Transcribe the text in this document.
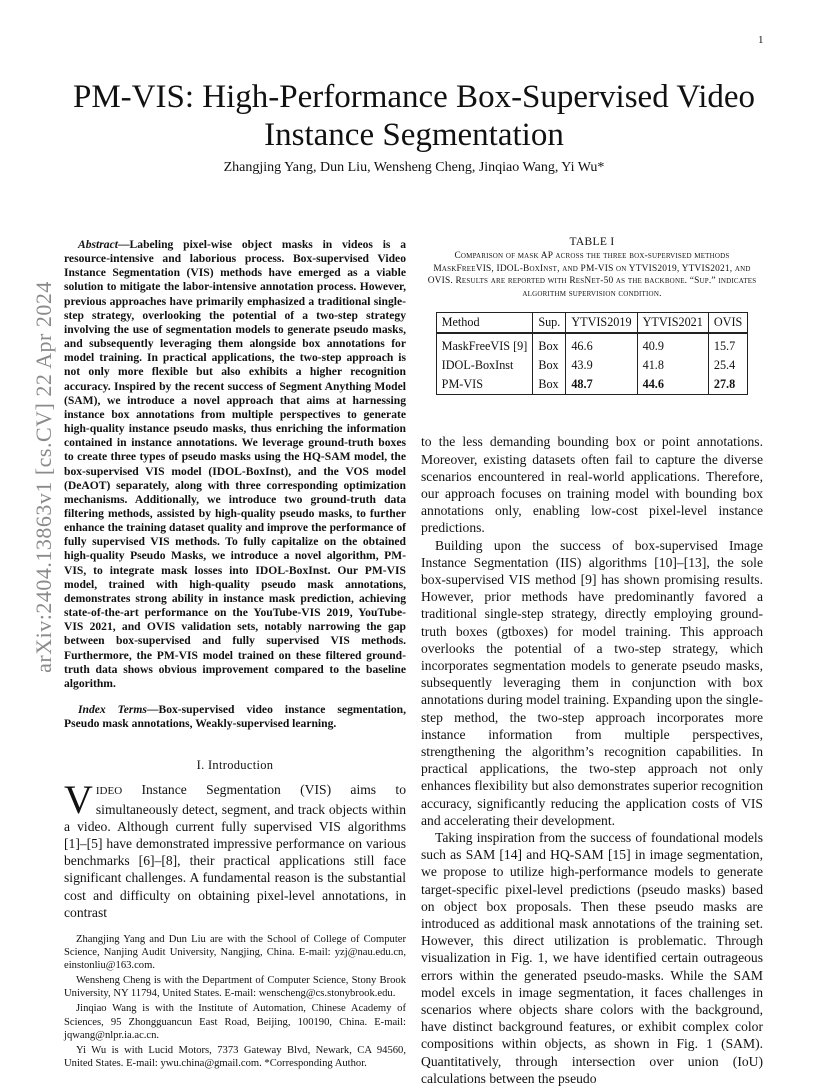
1
arXiv:2404.13863v1 [cs.CV] 22 Apr 2024
PM-VIS: High-Performance Box-Supervised Video Instance Segmentation
Zhangjing Yang, Dun Liu, Wensheng Cheng, Jinqiao Wang, Yi Wu*

Abstract—Labeling pixel-wise object masks in videos is a resource-intensive and laborious process. Box-supervised Video Instance Segmentation (VIS) methods have emerged as a viable solution to mitigate the labor-intensive annotation process. However, previous approaches have primarily emphasized a traditional single-step strategy, overlooking the potential of a two-step strategy involving the use of segmentation models to generate pseudo masks, and subsequently leveraging them alongside box annotations for model training. In practical applications, the two-step approach is not only more flexible but also exhibits a higher recognition accuracy. Inspired by the recent success of Segment Anything Model (SAM), we introduce a novel approach that aims at harnessing instance box annotations from multiple perspectives to generate high-quality instance pseudo masks, thus enriching the information contained in instance annotations. We leverage ground-truth boxes to create three types of pseudo masks using the HQ-SAM model, the box-supervised VIS model (IDOL-BoxInst), and the VOS model (DeAOT) separately, along with three corresponding optimization mechanisms. Additionally, we introduce two ground-truth data filtering methods, assisted by high-quality pseudo masks, to further enhance the training dataset quality and improve the performance of fully supervised VIS methods. To fully capitalize on the obtained high-quality Pseudo Masks, we introduce a novel algorithm, PM-VIS, to integrate mask losses into IDOL-BoxInst. Our PM-VIS model, trained with high-quality pseudo mask annotations, demonstrates strong ability in instance mask prediction, achieving state-of-the-art performance on the YouTube-VIS 2019, YouTube-VIS 2021, and OVIS validation sets, notably narrowing the gap between box-supervised and fully supervised VIS methods. Furthermore, the PM-VIS model trained on these filtered ground-truth data shows obvious improvement compared to the baseline algorithm.

Index Terms—Box-supervised video instance segmentation, Pseudo mask annotations, Weakly-supervised learning.

I. Introduction

VIDEO Instance Segmentation (VIS) aims to simultaneously detect, segment, and track objects within a video. Although current fully supervised VIS algorithms [1]–[5] have demonstrated impressive performance on various benchmarks [6]–[8], their practical applications still face significant challenges. A fundamental reason is the substantial cost and difficulty on obtaining pixel-level annotations, in contrast

Zhangjing Yang and Dun Liu are with the School of College of Computer Science, Nanjing Audit University, Nangjing, China. E-mail: yzj@nau.edu.cn, einstonliu@163.com.

Wensheng Cheng is with the Department of Computer Science, Stony Brook University, NY 11794, United States. E-mail: wenscheng@cs.stonybrook.edu.

Jinqiao Wang is with the Institute of Automation, Chinese Academy of Sciences, 95 Zhongguancun East Road, Beijing, 100190, China. E-mail: jqwang@nlpr.ia.ac.cn.

Yi Wu is with Lucid Motors, 7373 Gateway Blvd, Newark, CA 94560, United States. E-mail: ywu.china@gmail.com. *Corresponding Author.

TABLE I
Comparison of mask AP across the three box-supervised methods MaskFreeVIS, IDOL-BoxInst, and PM-VIS on YTVIS2019, YTVIS2021, and OVIS. Results are reported with ResNet-50 as the backbone. “Sup.” indicates algorithm supervision condition.
Method	Sup.	YTVIS2019	YTVIS2021	OVIS
MaskFreeVIS [9]	Box	46.6	40.9	15.7
IDOL-BoxInst	Box	43.9	41.8	25.4
PM-VIS	Box	48.7	44.6	27.8

to the less demanding bounding box or point annotations. Moreover, existing datasets often fail to capture the diverse scenarios encountered in real-world applications. Therefore, our approach focuses on training model with bounding box annotations only, enabling low-cost pixel-level instance predictions.

Building upon the success of box-supervised Image Instance Segmentation (IIS) algorithms [10]–[13], the sole box-supervised VIS method [9] has shown promising results. However, prior methods have predominantly favored a traditional single-step strategy, directly employing ground-truth boxes (gtboxes) for model training. This approach overlooks the potential of a two-step strategy, which incorporates segmentation models to generate pseudo masks, subsequently leveraging them in conjunction with box annotations during model training. Expanding upon the single-step method, the two-step approach incorporates more instance information from multiple perspectives, strengthening the algorithm’s recognition capabilities. In practical applications, the two-step approach not only enhances flexibility but also demonstrates superior recognition accuracy, significantly reducing the application costs of VIS and accelerating their development.

Taking inspiration from the success of foundational models such as SAM [14] and HQ-SAM [15] in image segmentation, we propose to utilize high-performance models to generate target-specific pixel-level predictions (pseudo masks) based on object box proposals. Then these pseudo masks are introduced as additional mask annotations of the training set. However, this direct utilization is problematic. Through visualization in Fig. 1, we have identified certain outrageous errors within the generated pseudo-masks. While the SAM model excels in image segmentation, it faces challenges in scenarios where objects share colors with the background, have distinct background features, or exhibit complex color compositions within objects, as shown in Fig. 1 (SAM). Quantitatively, through intersection over union (IoU) calculations between the pseudo
